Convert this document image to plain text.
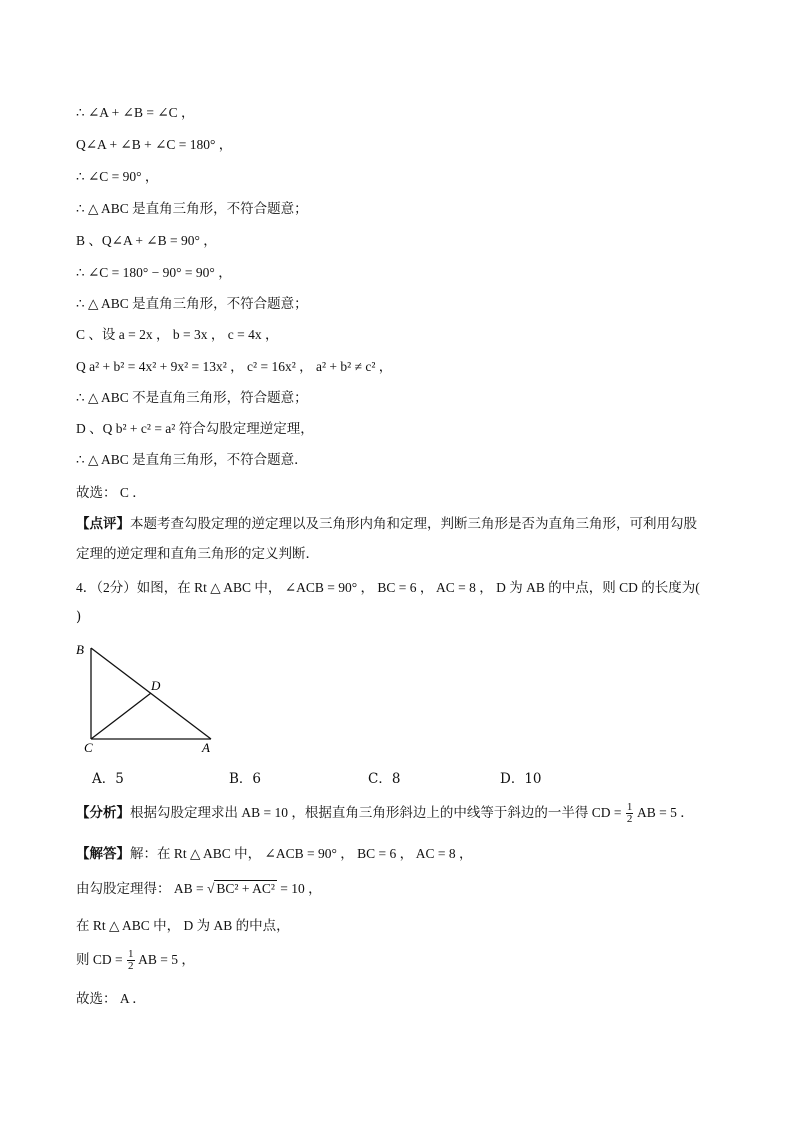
∴ ∠A + ∠B = ∠C ，
Q∠A + ∠B + ∠C = 180° ，
∴ ∠C = 90° ，
∴ △ ABC 是直角三角形，不符合题意；
B 、Q∠A + ∠B = 90° ，
∴ ∠C = 180° − 90° = 90° ，
∴ △ ABC 是直角三角形，不符合题意；
C 、设 a = 2x ， b = 3x ， c = 4x ，
Q a² + b² = 4x² + 9x² = 13x² ， c² = 16x² ， a² + b² ≠ c² ，
∴ △ ABC 不是直角三角形，符合题意；
D 、Q b² + c² = a² 符合勾股定理逆定理，
∴ △ ABC 是直角三角形，不符合题意．
故选： C ．
【点评】本题考查勾股定理的逆定理以及三角形内角和定理，判断三角形是否为直角三角形，可利用勾股
定理的逆定理和直角三角形的定义判断．
4．（2分）如图，在 Rt △ ABC 中， ∠ACB = 90° ， BC = 6 ， AC = 8 ， D 为 AB 的中点，则 CD 的长度为(
)
B
D
C	A
A．5	B．6	C．8	D．10
【分析】根据勾股定理求出 AB = 10 ，根据直角三角形斜边上的中线等于斜边的一半得 CD = $\frac{1}{2}$ AB = 5 ．
【解答】解：在 Rt △ ABC 中， ∠ACB = 90° ， BC = 6 ， AC = 8 ，
由勾股定理得： AB = √ BC² + AC² = 10 ，
在 Rt △ ABC 中， D 为 AB 的中点，
则 CD = $\frac{1}{2}$ AB = 5 ，
故选： A ．
